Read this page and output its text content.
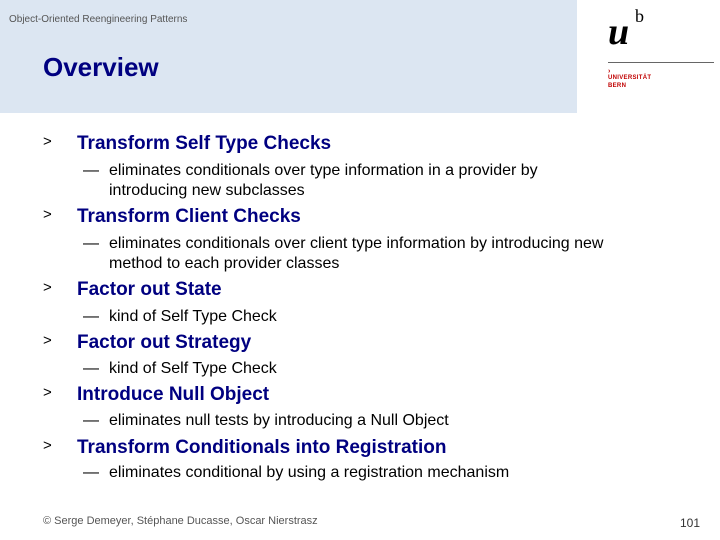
Object-Oriented Reengineering Patterns
Overview
u b
›
UNIVERSITÄT
BERN
> Transform Self Type Checks
— eliminates conditionals over type information in a provider by
introducing new subclasses
> Transform Client Checks
— eliminates conditionals over client type information by introducing new
method to each provider classes
> Factor out State
— kind of Self Type Check
> Factor out Strategy
— kind of Self Type Check
> Introduce Null Object
— eliminates null tests by introducing a Null Object
> Transform Conditionals into Registration
— eliminates conditional by using a registration mechanism
© Serge Demeyer, Stéphane Ducasse, Oscar Nierstrasz	101
